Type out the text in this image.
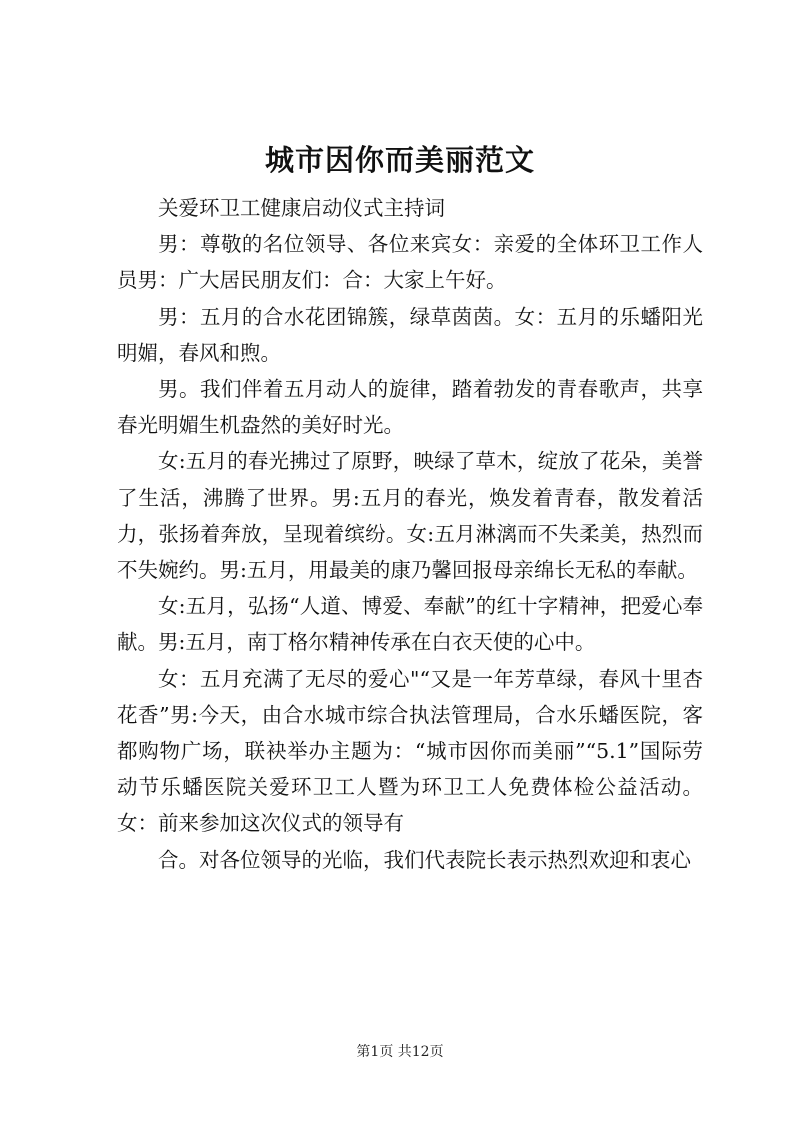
城市因你而美丽范文

关爱环卫工健康启动仪式主持词

男：尊敬的名位领导、各位来宾女：亲爱的全体环卫工作人员男：广大居民朋友们：合：大家上午好。

男：五月的合水花团锦簇，绿草茵茵。女：五月的乐蟠阳光明媚，春风和煦。

男。我们伴着五月动人的旋律，踏着勃发的青春歌声，共享春光明媚生机盎然的美好时光。

女:五月的春光拂过了原野，映绿了草木，绽放了花朵，美誉了生活，沸腾了世界。男:五月的春光，焕发着青春，散发着活力，张扬着奔放，呈现着缤纷。女:五月淋漓而不失柔美，热烈而不失婉约。男:五月，用最美的康乃馨回报母亲绵长无私的奉献。

女:五月，弘扬“人道、博爱、奉献”的红十字精神，把爱心奉献。男:五月，南丁格尔精神传承在白衣天使的心中。

女：五月充满了无尽的爱心"“又是一年芳草绿，春风十里杏花香”男:今天，由合水城市综合执法管理局，合水乐蟠医院，客都购物广场，联袂举办主题为：“城市因你而美丽”“5.1”国际劳动节乐蟠医院关爱环卫工人暨为环卫工人免费体检公益活动。女：前来参加这次仪式的领导有

合。对各位领导的光临，我们代表院长表示热烈欢迎和衷心

第1页 共12页
